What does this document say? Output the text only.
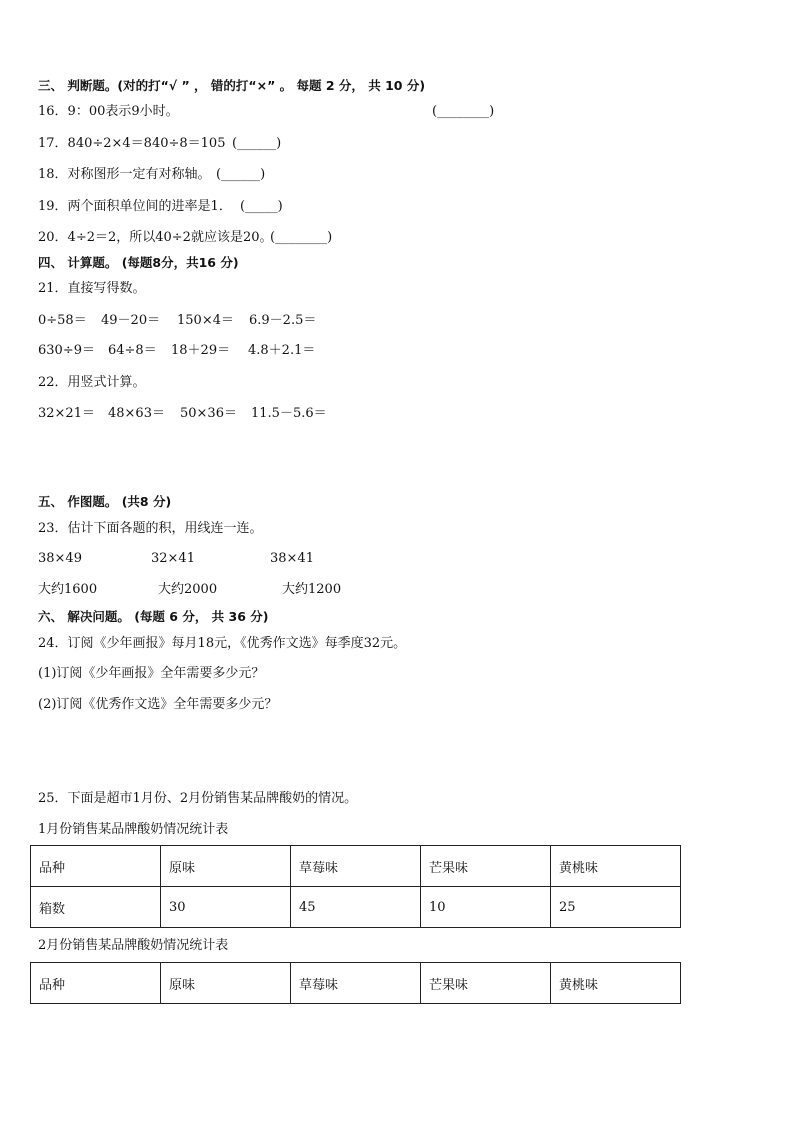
三、 判断题。(对的打“√ ” ， 错的打“×” 。 每题 2 分， 共 10 分)
16．9：00表示9小时。	(________)
17．840÷2×4＝840÷8＝105 (______)
18．对称图形一定有对称轴。 (______)
19．两个面积单位间的进率是1． (_____)
20．4÷2＝2，所以40÷2就应该是20。
(________)
四、 计算题。 (每题8分，共16 分)
21．直接写得数。
0÷58＝ 49－20＝ 150×4＝ 6.9－2.5＝
630÷9＝ 64÷8＝ 18＋29＝ 4.8＋2.1＝
22．用竖式计算。
32×21＝ 48×63＝ 50×36＝ 11.5－5.6＝
五、 作图题。 (共8 分)
23．估计下面各题的积，用线连一连。
38×49	32×41	38×41
大约1600	大约2000	大约1200
六、 解决问题。 (每题 6 分， 共 36 分)
24．订阅《少年画报》每月18元，《优秀作文选》每季度32元。
(1)订阅《少年画报》全年需要多少元？
(2)订阅《优秀作文选》全年需要多少元？
25．下面是超市1月份、2月份销售某品牌酸奶的情况。
1月份销售某品牌酸奶情况统计表
品种	原味	草莓味	芒果味	黄桃味
箱数	30	45	10	25
2月份销售某品牌酸奶情况统计表
品种	原味	草莓味	芒果味	黄桃味
